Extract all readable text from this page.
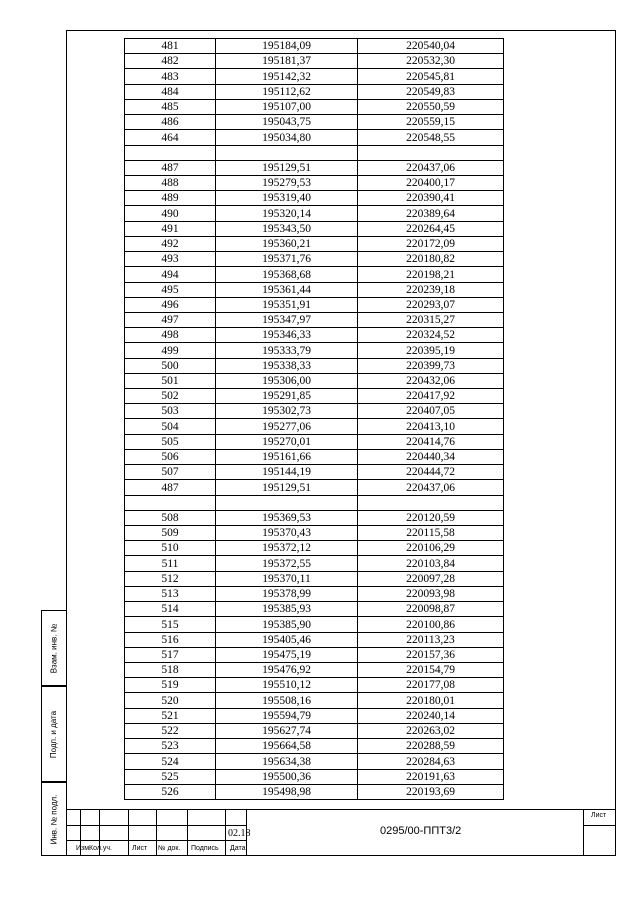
Взам. инв. №
Подп. и дата
Инв. № подл.
481	195184,09	220540,04
482	195181,37	220532,30
483	195142,32	220545,81
484	195112,62	220549,83
485	195107,00	220550,59
486	195043,75	220559,15
464	195034,80	220548,55

487	195129,51	220437,06
488	195279,53	220400,17
489	195319,40	220390,41
490	195320,14	220389,64
491	195343,50	220264,45
492	195360,21	220172,09
493	195371,76	220180,82
494	195368,68	220198,21
495	195361,44	220239,18
496	195351,91	220293,07
497	195347,97	220315,27
498	195346,33	220324,52
499	195333,79	220395,19
500	195338,33	220399,73
501	195306,00	220432,06
502	195291,85	220417,92
503	195302,73	220407,05
504	195277,06	220413,10
505	195270,01	220414,76
506	195161,66	220440,34
507	195144,19	220444,72
487	195129,51	220437,06

508	195369,53	220120,59
509	195370,43	220115,58
510	195372,12	220106,29
511	195372,55	220103,84
512	195370,11	220097,28
513	195378,99	220093,98
514	195385,93	220098,87
515	195385,90	220100,86
516	195405,46	220113,23
517	195475,19	220157,36
518	195476,92	220154,79
519	195510,12	220177,08
520	195508,16	220180,01
521	195594,79	220240,14
522	195627,74	220263,02
523	195664,58	220288,59
524	195634,38	220284,63
525	195500,36	220191,63
526	195498,98	220193,69
Изм.
Кол.уч.	Лист № док. Подпись Дата
02.18	0295/00-ППТ3/2
Лист
